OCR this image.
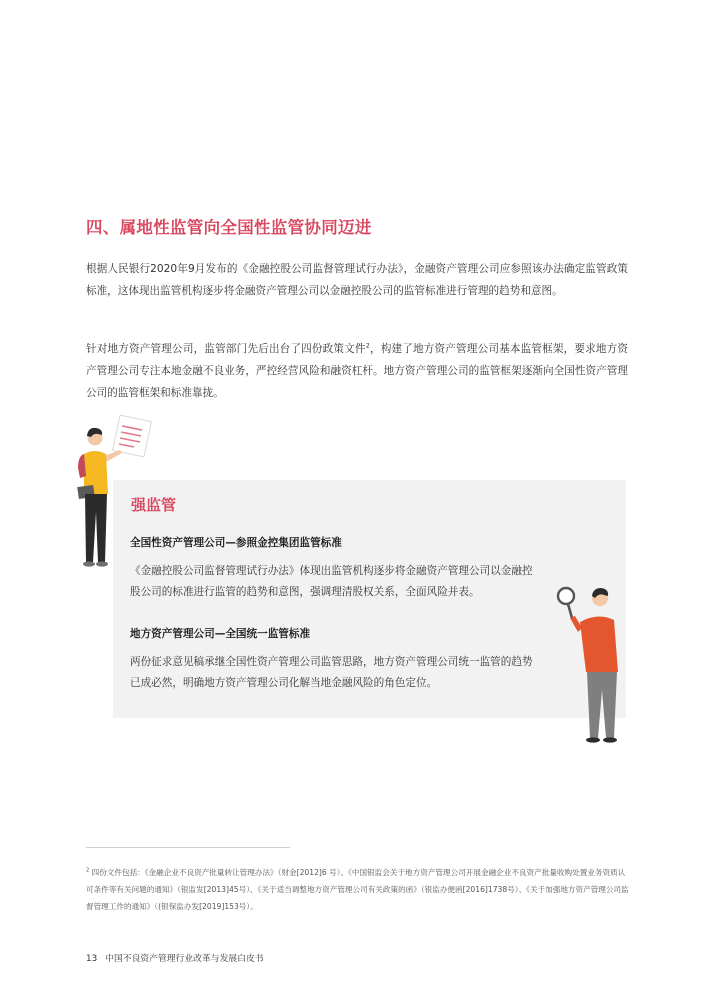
四、属地性监管向全国性监管协同迈进

根据人民银行2020年9月发布的《金融控股公司监督管理试行办法》，金融资产管理公司应参照该办法确定监管政策标准，这体现出监管机构逐步将金融资产管理公司以金融控股公司的监管标准进行管理的趋势和意图。

针对地方资产管理公司，监管部门先后出台了四份政策文件$^2$，构建了地方资产管理公司基本监管框架，要求地方资产管理公司专注本地金融不良业务，严控经营风险和融资杠杆。地方资产管理公司的监管框架逐渐向全国性资产管理公司的监管框架和标准靠拢。

强监管

全国性资产管理公司—参照金控集团监管标准

《金融控股公司监督管理试行办法》体现出监管机构逐步将金融资产管理公司以金融控股公司的标准进行监管的趋势和意图，强调理清股权关系，全面风险并表。

地方资产管理公司—全国统一监管标准

两份征求意见稿承继全国性资产管理公司监管思路，地方资产管理公司统一监管的趋势已成必然，明确地方资产管理公司化解当地金融风险的角色定位。

$^2$ 四份文件包括：《金融企业不良资产批量转让管理办法》（财金[2012]6 号）、《中国银监会关于地方资产管理公司开展金融企业不良资产批量收购处置业务资质认可条件等有关问题的通知》（银监发[2013]45号）、《关于适当调整地方资产管理公司有关政策的函》（银监办便函[2016]1738号）、《关于加强地方资产管理公司监督管理工作的通知》（(银保监办发[2019]153号）。

13 中国不良资产管理行业改革与发展白皮书
